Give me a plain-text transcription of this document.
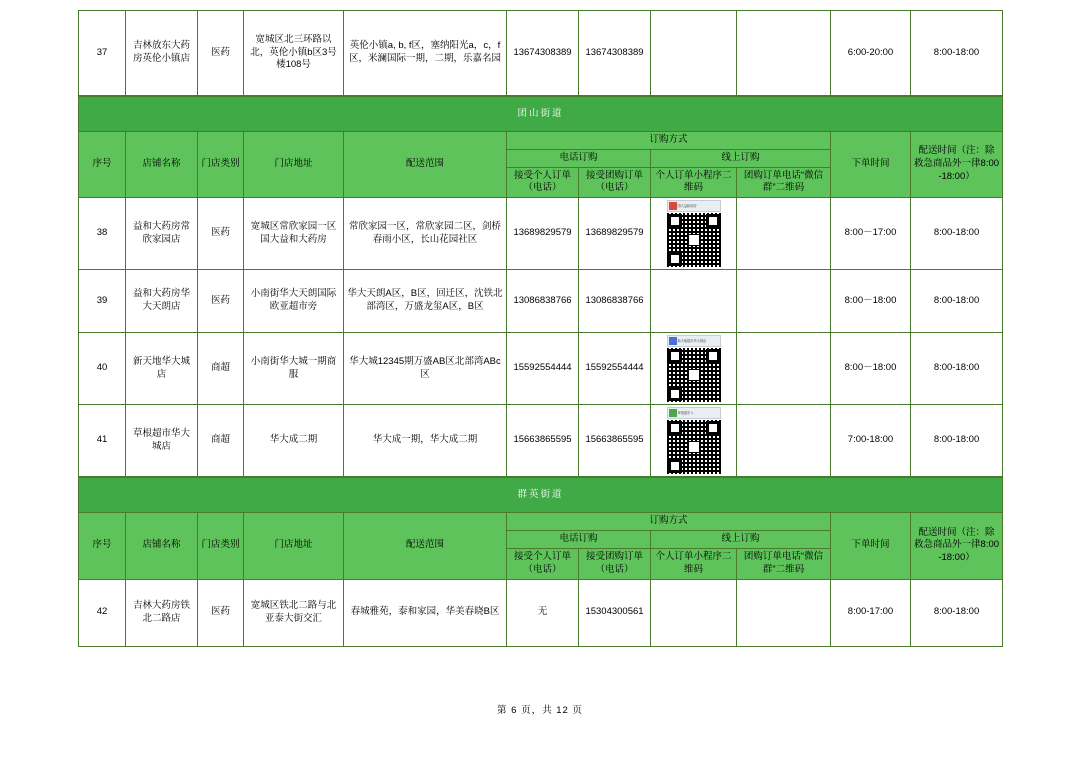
37	吉林放东大药房英伦小镇店	医药	宽城区北三环路以北，英伦小镇b区3号楼108号	英伦小镇a, b, f区，塞纳阳光a，c，f区，米澜国际一期，二期，乐嘉名园	13674308389	13674308389			6:00-20:00	8:00-18:00
团山街道										
序号	店铺名称	门店类别	门店地址	配送范围	订购方式				下单时间	配送时间（注：除救急商品外一律8:00-18:00）
					电话订购		线上订购			
					接受个人订单（电话）	接受团购订单（电话）	个人订单小程序二维码	团购订单电话“微信群”二维码		
38	益和大药房常欣家园店	医药	宽城区常欣家园一区国大益和大药房	常欣家园一区，常欣家园二区，剑桥春雨小区，长山花园社区	13689829579	13689829579	国大益和药房		8:00－17:00	8:00-18:00
39	益和大药房华大天朗店	医药	小南街华大天朗国际欧亚超市旁	华大天朗A区，B区，回迁区，沈铁北部湾区，万盛龙玺A区，B区	13086838766	13086838766			8:00－18:00	8:00-18:00
40	新天地华大城店	商超	小南街华大城一期商服	华大城12345期万盛AB区北部湾ABc区	15592554444	15592554444	新天地超市华大城店		8:00－18:00	8:00-18:00
41	草根超市华大城店	商超	华大成二期	华大成一期，华大成二期	15663865595	15663865595	草根超市 1		7:00-18:00	8:00-18:00
群英街道										
序号	店铺名称	门店类别	门店地址	配送范围	订购方式				下单时间	配送时间（注：除救急商品外一律8:00-18:00）
					电话订购		线上订购			
					接受个人订单（电话）	接受团购订单（电话）	个人订单小程序二维码	团购订单电话“微信群”二维码		
42	吉林大药房铁北二路店	医药	宽城区铁北二路与北亚泰大街交汇	春城雅苑，泰和家园，华美春晓B区	无	15304300561			8:00-17:00	8:00-18:00
第 6 页，共 12 页
